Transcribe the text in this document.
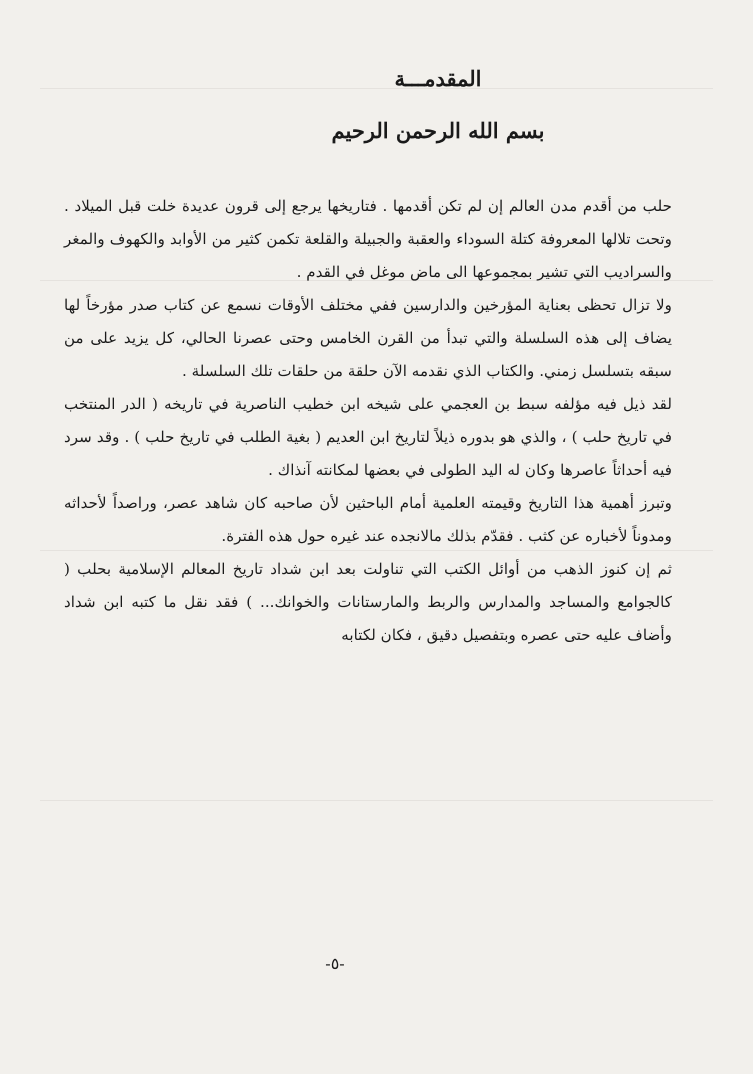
المقدمـــة
بسم الله الرحمن الرحيم

حلب من أقدم مدن العالم إن لم تكن أقدمها . فتاريخها يرجع إلى قرون عديدة خلت قبل الميلاد . وتحت تلالها المعروفة كتلة السوداء والعقبة والجبيلة والقلعة تكمن كثير من الأوابد والكهوف والمغر والسراديب التي تشير بمجموعها الى ماض موغل في القدم .

ولا تزال تحظى بعناية المؤرخين والدارسين ففي مختلف الأوقات نسمع عن كتاب صدر مؤرخاً لها يضاف إلى هذه السلسلة والتي تبدأ من القرن الخامس وحتى عصرنا الحالي، كل يزيد على من سبقه بتسلسل زمني. والكتاب الذي نقدمه الآن حلقة من حلقات تلك السلسلة .

لقد ذيل فيه مؤلفه سبط بن العجمي على شيخه ابن خطيب الناصرية في تاريخه ( الدر المنتخب في تاريخ حلب ) ، والذي هو بدوره ذيلاً لتاريخ ابن العديم ( بغية الطلب في تاريخ حلب ) . وقد سرد فيه أحداثاً عاصرها وكان له اليد الطولى في بعضها لمكانته آنذاك .

وتبرز أهمية هذا التاريخ وقيمته العلمية أمام الباحثين لأن صاحبه كان شاهد عصر، وراصداً لأحداثه ومدوناً لأخباره عن كثب . فقدّم بذلك مالانجده عند غيره حول هذه الفترة.

ثم إن كنوز الذهب من أوائل الكتب التي تناولت بعد ابن شداد تاريخ المعالم الإسلامية بحلب ( كالجوامع والمساجد والمدارس والربط والمارستانات والخوانك... ) فقد نقل ما كتبه ابن شداد وأضاف عليه حتى عصره وبتفصيل دقيق ، فكان لكتابه

-٥-
